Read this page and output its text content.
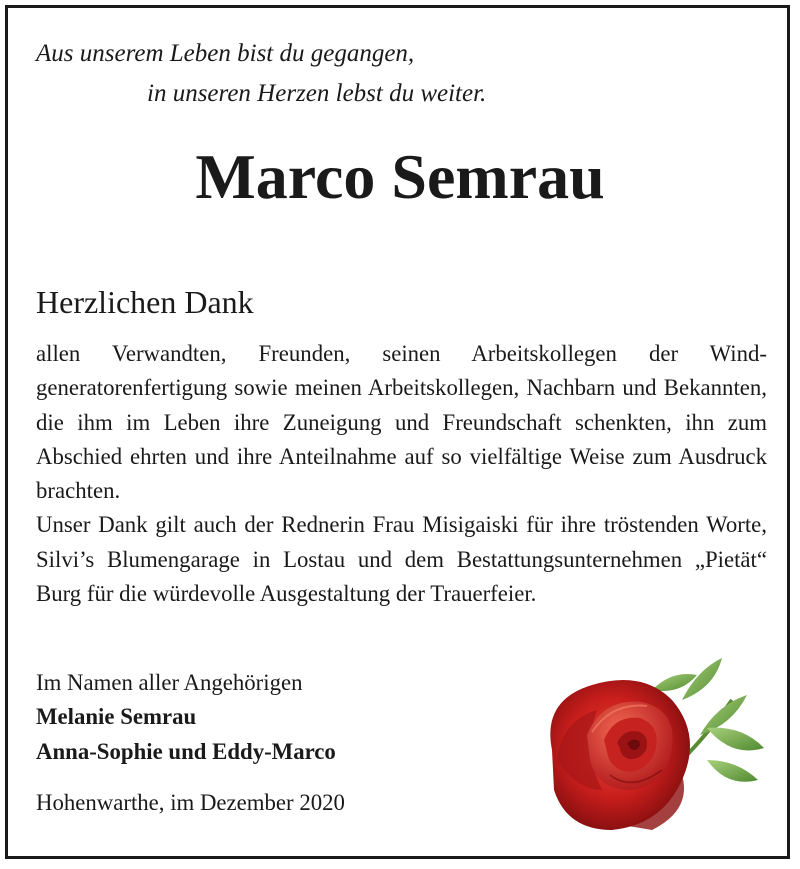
Aus unserem Leben bist du gegangen,
in unseren Herzen lebst du weiter.
Marco Semrau
Herzlichen Dank

allen Verwandten, Freunden, seinen Arbeitskollegen der Windgeneratorenfertigung sowie meinen Arbeitskollegen, Nachbarn und Bekannten, die ihm im Leben ihre Zuneigung und Freundschaft schenkten, ihn zum Abschied ehrten und ihre Anteilnahme auf so vielfältige Weise zum Ausdruck brachten.

Unser Dank gilt auch der Rednerin Frau Misigaiski für ihre tröstenden Worte, Silvi’s Blumengarage in Lostau und dem Bestattungsunternehmen „Pietät“ Burg für die würdevolle Ausgestaltung der Trauerfeier.

Im Namen aller Angehörigen
Melanie Semrau
Anna-Sophie und Eddy-Marco
Hohenwarthe, im Dezember 2020
